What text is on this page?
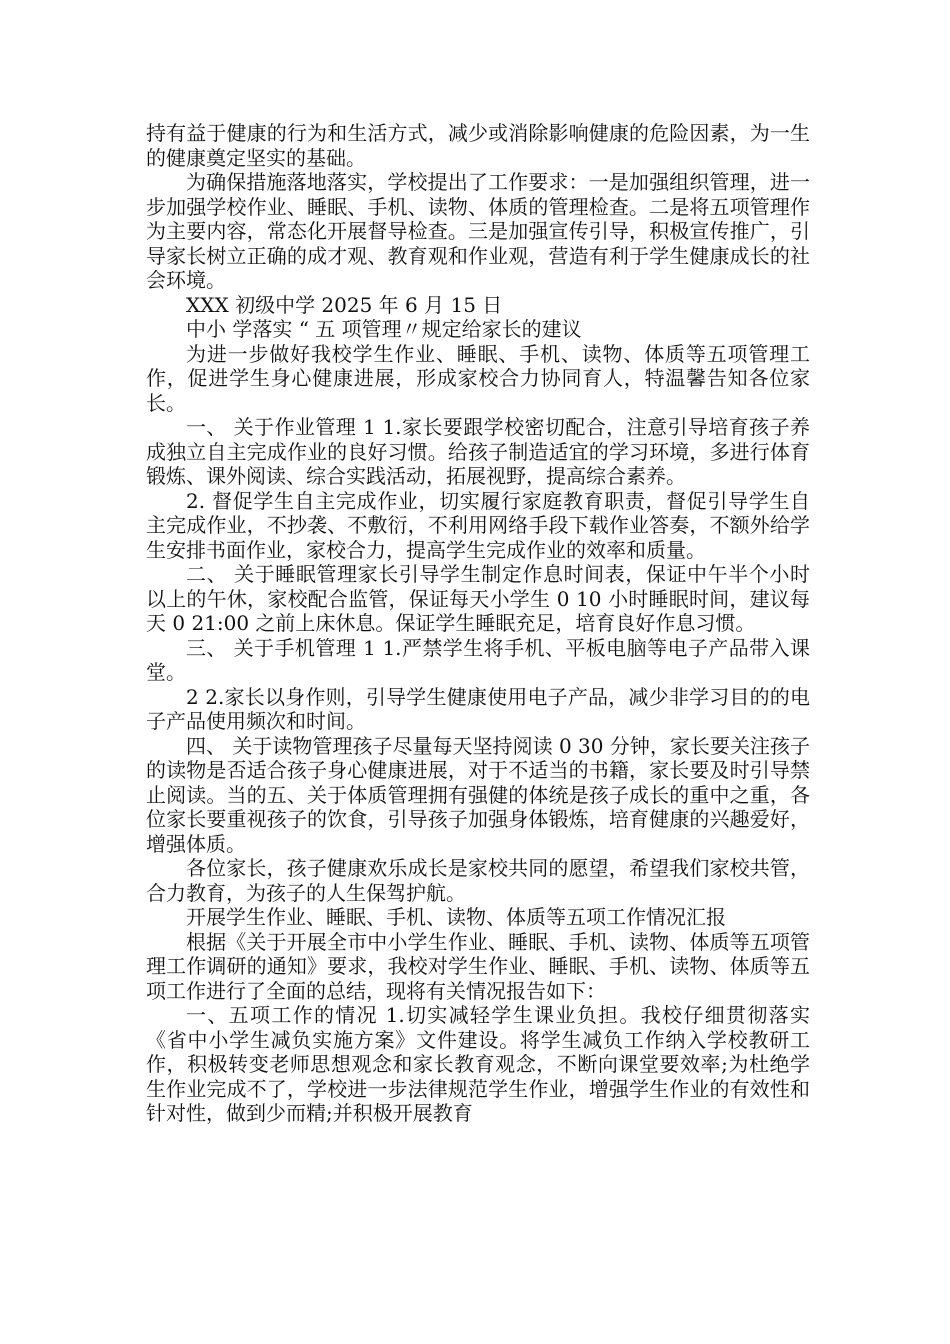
持有益于健康的行为和生活方式，减少或消除影响健康的危险因素，为一生的健康奠定坚实的基础。

为确保措施落地落实，学校提出了工作要求：一是加强组织管理，进一步加强学校作业、睡眠、手机、读物、体质的管理检查。二是将五项管理作为主要内容，常态化开展督导检查。三是加强宣传引导，积极宣传推广，引导家长树立正确的成才观、教育观和作业观，营造有利于学生健康成长的社会环境。

XXX 初级中学 2025 年 6 月 15 日

中小 学落实 “ 五 项管理〃规定给家长的建议

为进一步做好我校学生作业、睡眠、手机、读物、体质等五项管理工作，促进学生身心健康进展，形成家校合力协同育人，特温馨告知各位家长。

一、 关于作业管理 1 1.家长要跟学校密切配合，注意引导培育孩子养成独立自主完成作业的良好习惯。给孩子制造适宜的学习环境，多进行体育锻炼、课外阅读、综合实践活动，拓展视野，提高综合素养。

2. 督促学生自主完成作业，切实履行家庭教育职责，督促引导学生自主完成作业，不抄袭、不敷衍，不利用网络手段下载作业答奏，不额外给学生安排书面作业，家校合力，提高学生完成作业的效率和质量。

二、 关于睡眠管理家长引导学生制定作息时间表，保证中午半个小时以上的午休，家校配合监管，保证每天小学生 0 10 小时睡眠时间，建议每天 0 21:00 之前上床休息。保证学生睡眠充足，培育良好作息习惯。

三、 关于手机管理 1 1.严禁学生将手机、平板电脑等电子产品带入课堂。

2 2.家长以身作则，引导学生健康使用电子产品，减少非学习目的的电子产品使用频次和时间。

四、 关于读物管理孩子尽量每天坚持阅读 0 30 分钟，家长要关注孩子的读物是否适合孩子身心健康进展，对于不适当的书籍，家长要及时引导禁止阅读。当的五、关于体质管理拥有强健的体统是孩子成长的重中之重，各位家长要重视孩子的饮食，引导孩子加强身体锻炼，培育健康的兴趣爱好，增强体质。

各位家长，孩子健康欢乐成长是家校共同的愿望，希望我们家校共管，合力教育，为孩子的人生保驾护航。

开展学生作业、睡眠、手机、读物、体质等五项工作情况汇报

根据《关于开展全市中小学生作业、睡眠、手机、读物、体质等五项管理工作调研的通知》要求，我校对学生作业、睡眠、手机、读物、体质等五项工作进行了全面的总结，现将有关情况报告如下：

一、五项工作的情况 1.切实减轻学生课业负担。我校仔细贯彻落实《省中小学生减负实施方案》文件建设。将学生减负工作纳入学校教研工作，积极转变老师思想观念和家长教育观念，不断向课堂要效率;为杜绝学生作业完成不了，学校进一步法律规范学生作业，增强学生作业的有效性和针对性，做到少而精;并积极开展教育
